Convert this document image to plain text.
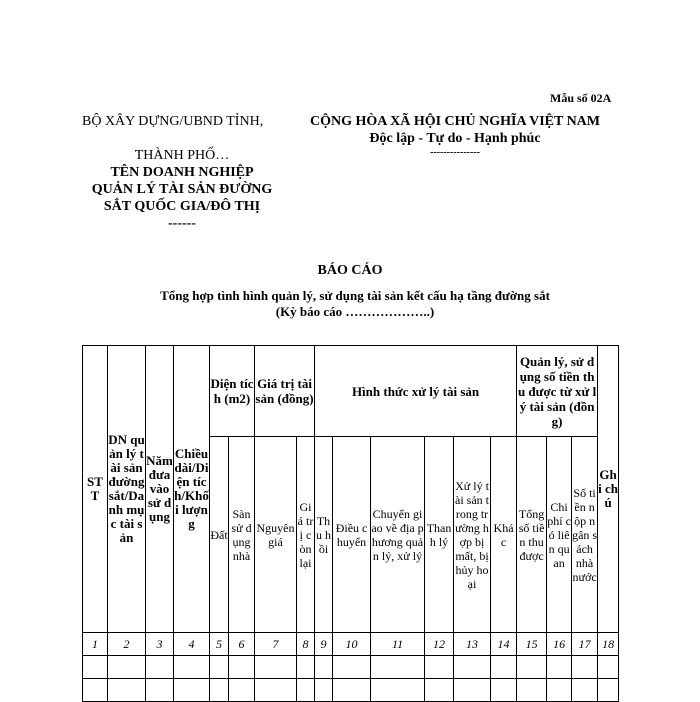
Mẫu số 02A
BỘ XÂY DỰNG/UBND TỈNH,
THÀNH PHỐ…
TÊN DOANH NGHIỆP
QUẢN LÝ TÀI SẢN ĐƯỜNG
SẮT QUỐC GIA/ĐÔ THỊ
------
CỘNG HÒA XÃ HỘI CHỦ NGHĨA VIỆT NAM
Độc lập - Tự do - Hạnh phúc
---------------
BÁO CÁO
Tổng hợp tình hình quản lý, sử dụng tài sản kết cấu hạ tầng đường sắt
(Kỳ báo cáo ………………..)
STT	DN quản lý tài sản đường sắt/Danh mục tài sản	Năm đưa vào sử dụng	Chiều dài/Diện tích/Khối lượng	Diện tích (m2)		Giá trị tài sản (đồng)		Hình thức xử lý tài sản						Quản lý, sử dụng số tiền thu được từ xử lý tài sản (đồng)			Ghi chú
				Đất	Sàn sử dụng nhà	Nguyên giá	Giá trị còn lại	Thu hồi	Điều chuyển	Chuyển giao về địa phương quản lý, xử lý	Thanh lý	Xử lý tài sản trong trường hợp bị mất, bị hủy hoại	Khác	Tổng số tiền thu được	Chi phí có liên quan	Số tiền nộp ngân sách nhà nước	
1	2	3	4	5	6	7	8	9	10	11	12	13	14	15	16	17	18
